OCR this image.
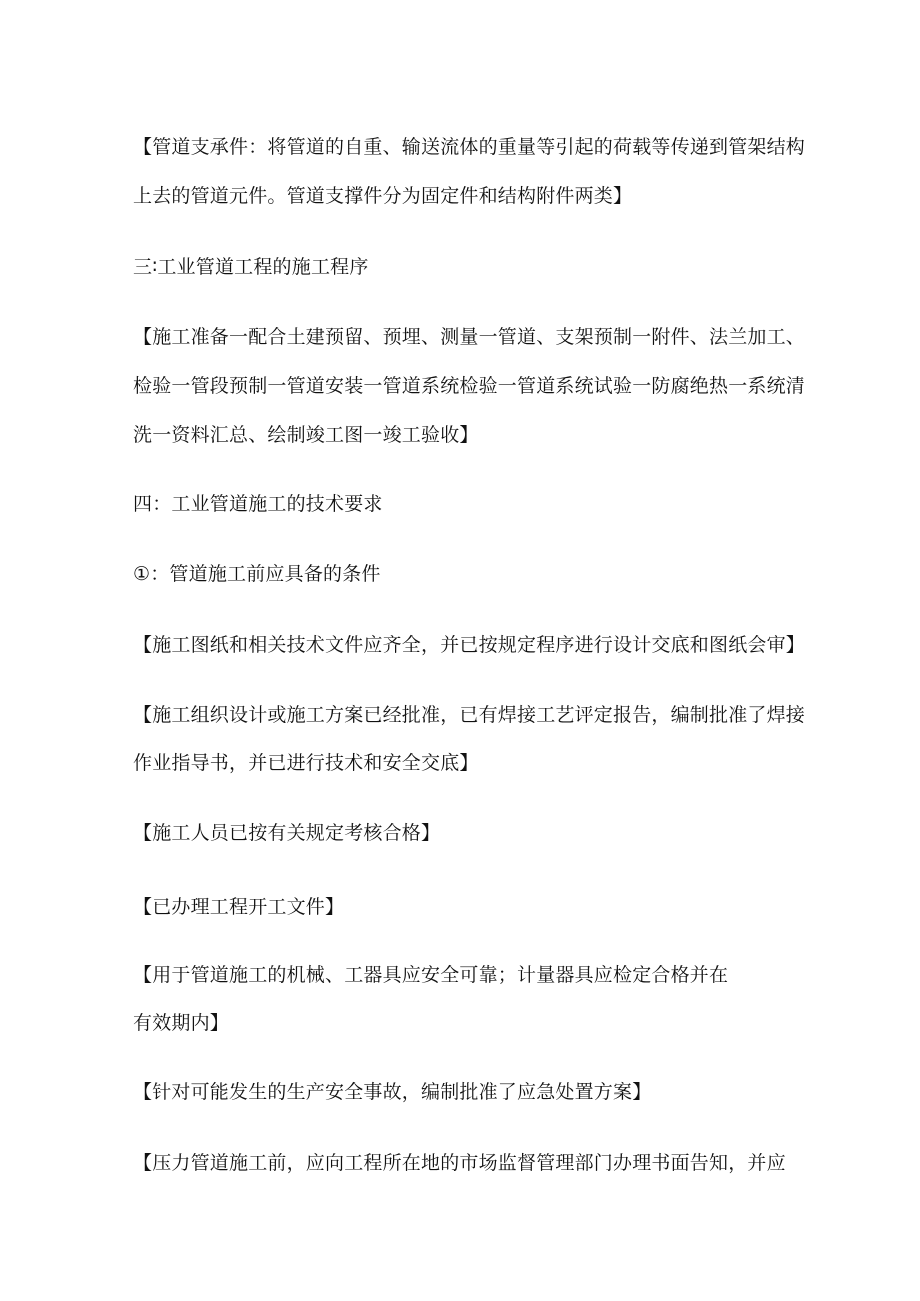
【管道支承件：将管道的自重、输送流体的重量等引起的荷载等传递到管架结构
上去的管道元件。管道支撑件分为固定件和结构附件两类】
三∶工业管道工程的施工程序
【施工准备一配合土建预留、预埋、测量一管道、支架预制一附件、法兰加工、
检验一管段预制一管道安装一管道系统检验一管道系统试验一防腐绝热一系统清
洗一资料汇总、绘制竣工图一竣工验收】
四：工业管道施工的技术要求
①：管道施工前应具备的条件
【施工图纸和相关技术文件应齐全，并已按规定程序进行设计交底和图纸会审】
【施工组织设计或施工方案已经批准，已有焊接工艺评定报告，编制批准了焊接
作业指导书，并已进行技术和安全交底】
【施工人员已按有关规定考核合格】
【已办理工程开工文件】
【用于管道施工的机械、工器具应安全可靠；计量器具应检定合格并在
有效期内】
【针对可能发生的生产安全事故，编制批准了应急处置方案】
【压力管道施工前，应向工程所在地的市场监督管理部门办理书面告知，并应
